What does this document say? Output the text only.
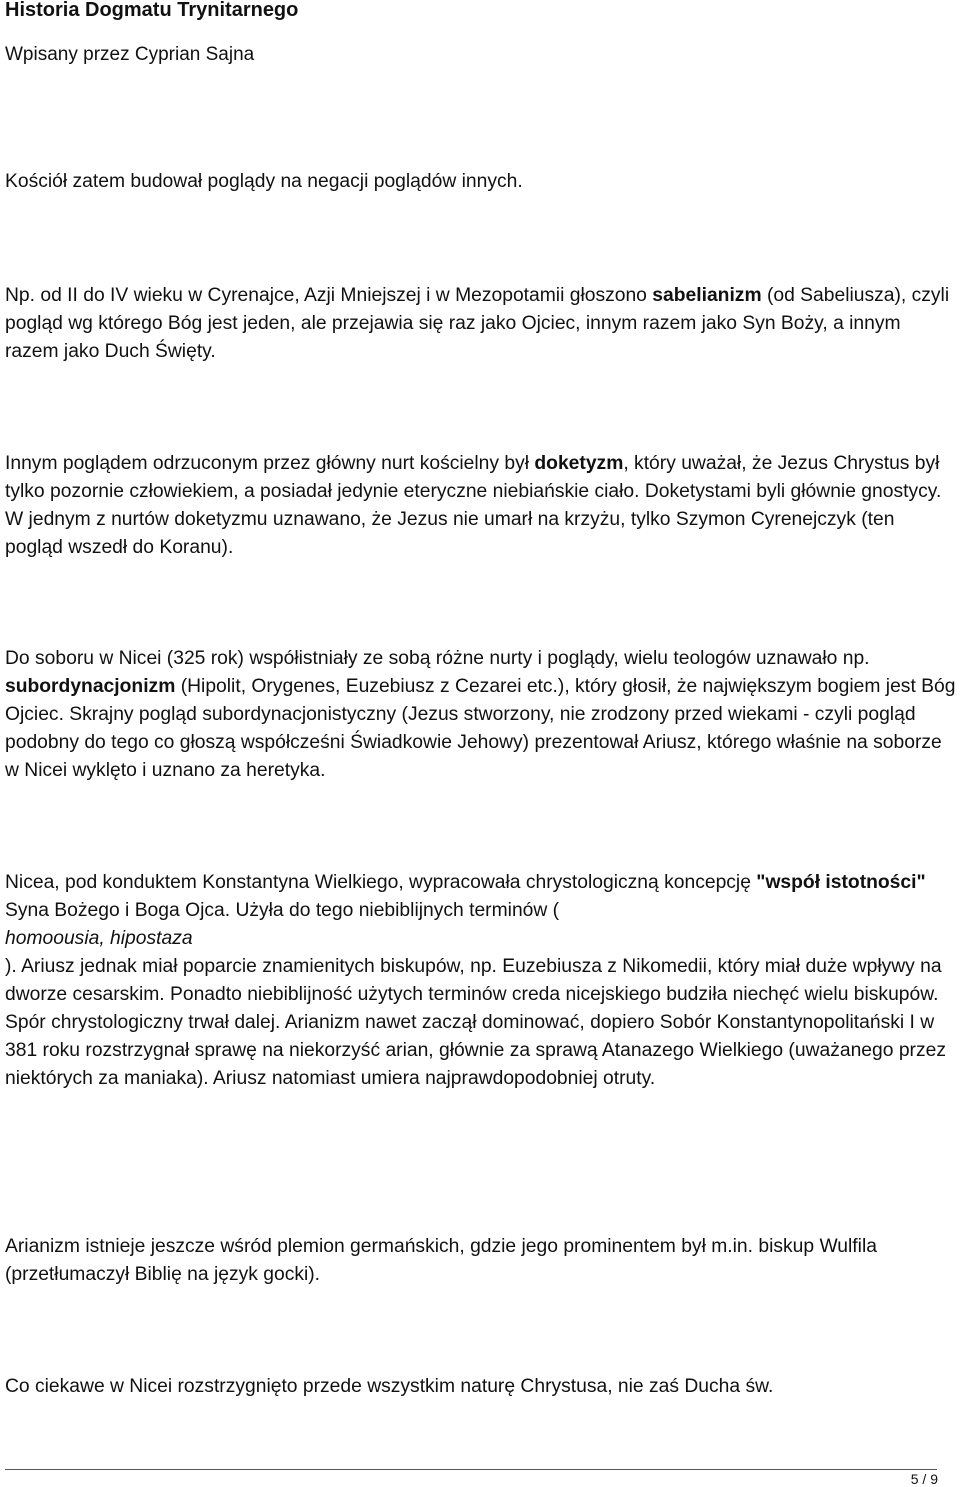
Historia Dogmatu Trynitarnego
Wpisany przez Cyprian Sajna

Kościół zatem budował poglądy na negacji poglądów innych.

Np. od II do IV wieku w Cyrenajce, Azji Mniejszej i w Mezopotamii głoszono sabelianizm (od Sabeliusza), czyli pogląd wg którego Bóg jest jeden, ale przejawia się raz jako Ojciec, innym razem jako Syn Boży, a innym razem jako Duch Święty.

Innym poglądem odrzuconym przez główny nurt kościelny był doketyzm, który uważał, że Jezus Chrystus był tylko pozornie człowiekiem, a posiadał jedynie eteryczne niebiańskie ciało. Doketystami byli głównie gnostycy. W jednym z nurtów doketyzmu uznawano, że Jezus nie umarł na krzyżu, tylko Szymon Cyrenejczyk (ten pogląd wszedł do Koranu).

Do soboru w Nicei (325 rok) współistniały ze sobą różne nurty i poglądy, wielu teologów uznawało np. subordynacjonizm (Hipolit, Orygenes, Euzebiusz z Cezarei etc.), który głosił, że największym bogiem jest Bóg Ojciec. Skrajny pogląd subordynacjonistyczny (Jezus stworzony, nie zrodzony przed wiekami - czyli pogląd podobny do tego co głoszą współcześni Świadkowie Jehowy) prezentował Ariusz, którego właśnie na soborze w Nicei wyklęto i uznano za heretyka.

Nicea, pod konduktem Konstantyna Wielkiego, wypracowała chrystologiczną koncepcję "współ istotności"
Syna Bożego i Boga Ojca. Użyła do tego niebiblijnych terminów (
homoousia, hipostaza
). Ariusz jednak miał poparcie znamienitych biskupów, np. Euzebiusza z Nikomedii, który miał duże wpływy na dworze cesarskim. Ponadto niebiblijność użytych terminów creda nicejskiego budziła niechęć wielu biskupów. Spór chrystologiczny trwał dalej. Arianizm nawet zaczął dominować, dopiero Sobór Konstantynopolitański I w 381 roku rozstrzygnał sprawę na niekorzyść arian, głównie za sprawą Atanazego Wielkiego (uważanego przez niektórych za maniaka). Ariusz natomiast umiera najprawdopodobniej otruty.

Arianizm istnieje jeszcze wśród plemion germańskich, gdzie jego prominentem był m.in. biskup Wulfila (przetłumaczył Biblię na język gocki).

Co ciekawe w Nicei rozstrzygnięto przede wszystkim naturę Chrystusa, nie zaś Ducha św.

5 / 9
